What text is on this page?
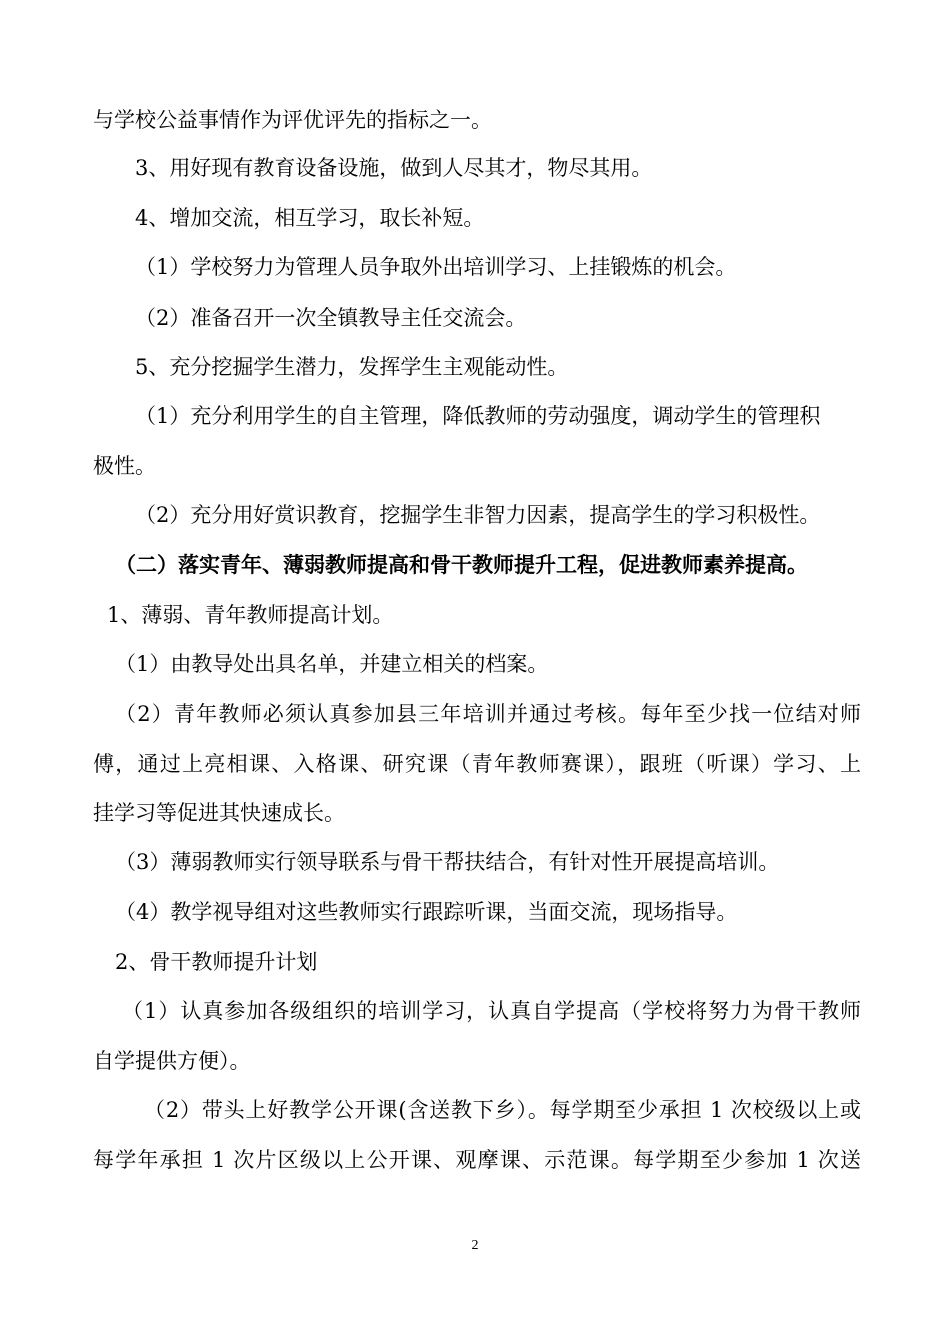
与学校公益事情作为评优评先的指标之一。

3、用好现有教育设备设施，做到人尽其才，物尽其用。

4、增加交流，相互学习，取长补短。

（1）学校努力为管理人员争取外出培训学习、上挂锻炼的机会。

（2）准备召开一次全镇教导主任交流会。

5、充分挖掘学生潜力，发挥学生主观能动性。

（1）充分利用学生的自主管理，降低教师的劳动强度，调动学生的管理积

极性。

（2）充分用好赏识教育，挖掘学生非智力因素，提高学生的学习积极性。

（二）落实青年、薄弱教师提高和骨干教师提升工程，促进教师素养提高。

1、薄弱、青年教师提高计划。

（1）由教导处出具名单，并建立相关的档案。

（2）青年教师必须认真参加县三年培训并通过考核。每年至少找一位结对师

傅，通过上亮相课、入格课、研究课（青年教师赛课），跟班（听课）学习、上

挂学习等促进其快速成长。

（3）薄弱教师实行领导联系与骨干帮扶结合，有针对性开展提高培训。

（4）教学视导组对这些教师实行跟踪听课，当面交流，现场指导。

2、骨干教师提升计划

（1）认真参加各级组织的培训学习，认真自学提高（学校将努力为骨干教师

自学提供方便）。

（2）带头上好教学公开课(含送教下乡）。每学期至少承担 1 次校级以上或

每学年承担 1 次片区级以上公开课、观摩课、示范课。每学期至少参加 1 次送

2
